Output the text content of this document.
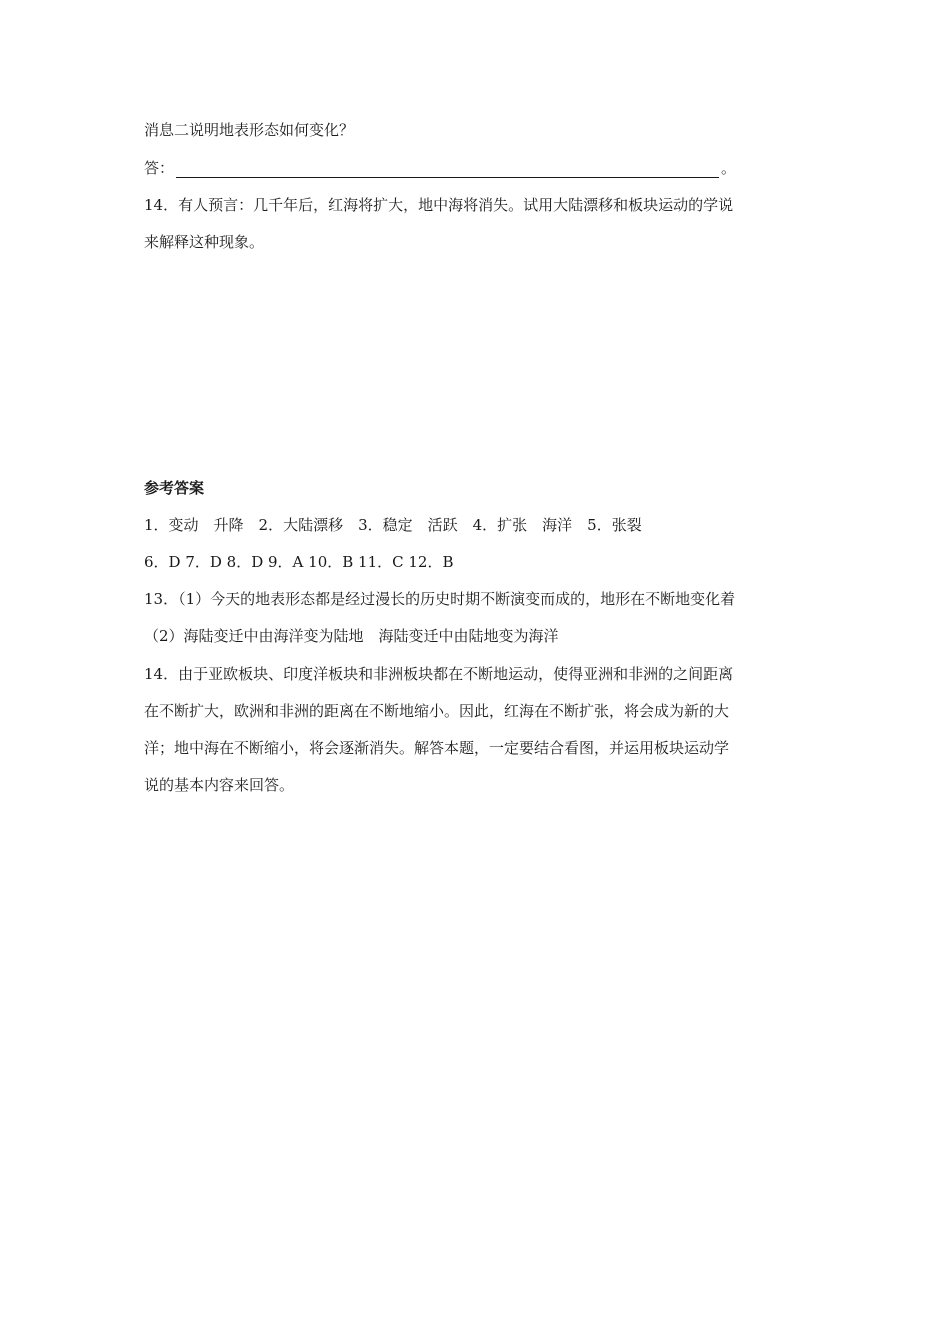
消息二说明地表形态如何变化？
答：	。
14．有人预言：几千年后，红海将扩大，地中海将消失。试用大陆漂移和板块运动的学说
来解释这种现象。
参考答案
1．变动　升降　2．大陆漂移　3．稳定　活跃　4．扩张　海洋　5．张裂
6．D 7．D 8．D 9．A 10．B 11．C 12．B
13．（1）今天的地表形态都是经过漫长的历史时期不断演变而成的，地形在不断地变化着
（2）海陆变迁中由海洋变为陆地　海陆变迁中由陆地变为海洋
14．由于亚欧板块、印度洋板块和非洲板块都在不断地运动，使得亚洲和非洲的之间距离
在不断扩大，欧洲和非洲的距离在不断地缩小。因此，红海在不断扩张，将会成为新的大
洋；地中海在不断缩小，将会逐渐消失。解答本题，一定要结合看图，并运用板块运动学
说的基本内容来回答。
